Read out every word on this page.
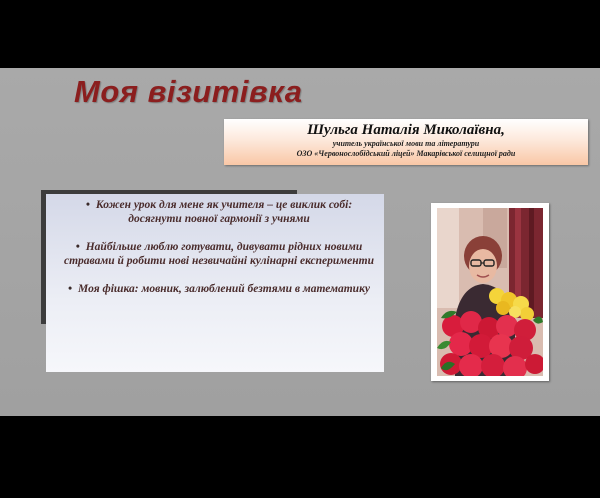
Моя візитівка
Шульга Наталія Миколаївна,
учитель української мови та літератури
ОЗО «Червонослобідський ліцей» Макарівської селищної ради
• Кожен урок для мене як учителя – це виклик собі: досягнути повної гармонії з учнями
• Найбільше люблю готувати, дивувати рідних новими стравами й робити нові незвичайні кулінарні експерименти
• Моя фішка: мовник, залюблений безтями в математику
